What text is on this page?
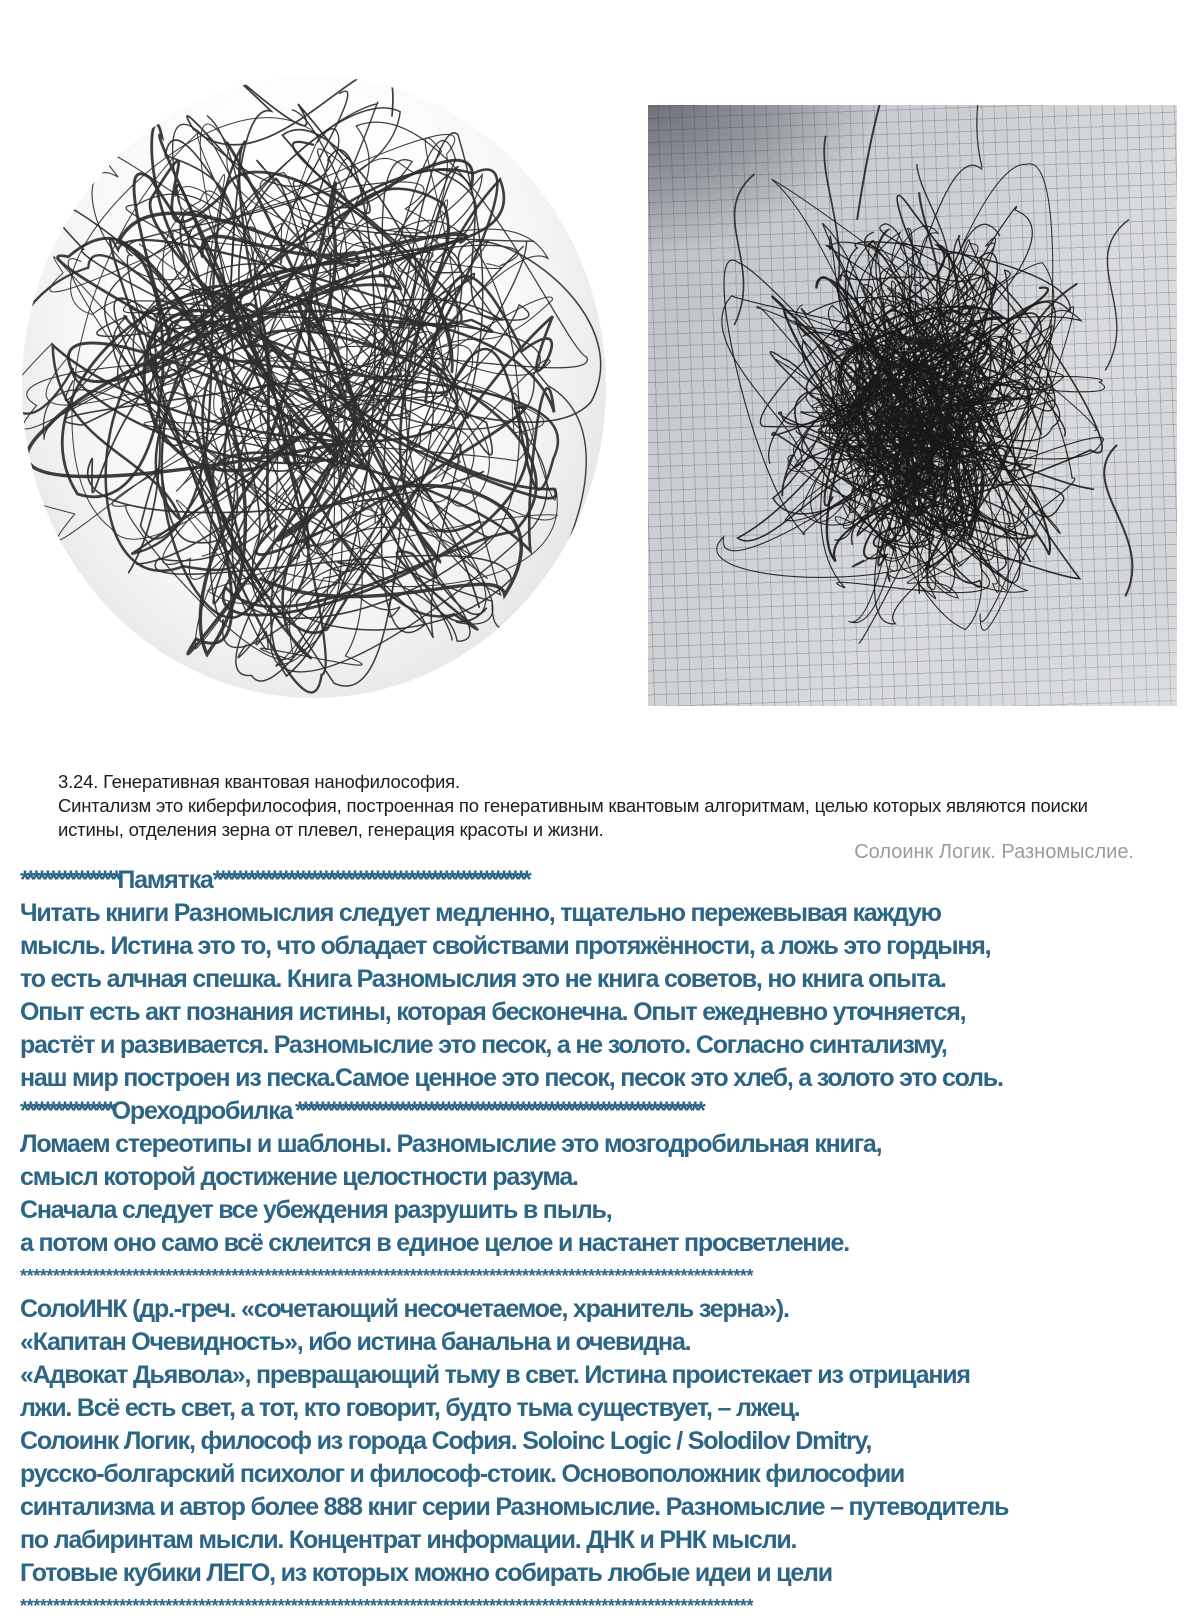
3.24. Генеративная квантовая нанофилософия.
Синтализм это киберфилософия, построенная по генеративным квантовым алгоритмам, целью которых являются поиски
истины, отделения зерна от плевел, генерация красоты и жизни.
Солоинк Логик. Разномыслие.
*****************Памятка*******************************************************
Читать книги Разномыслия следует медленно, тщательно пережевывая каждую
мысль. Истина это то, что обладает свойствами протяжённости, а ложь это гордыня,
то есть алчная спешка. Книга Разномыслия это не книга советов, но книга опыта.
Опыт есть акт познания истины, которая бесконечна. Опыт ежедневно уточняется,
растёт и развивается. Разномыслие это песок, а не золото. Согласно синтализму,
наш мир построен из песка.Самое ценное это песок, песок это хлеб, а золото это соль.
****************Ореходробилка ***********************************************************************
Ломаем стереотипы и шаблоны. Разномыслие это мозгодробильная книга,
смысл которой достижение целостности разума.
Сначала следует все убеждения разрушить в пыль,
а потом оно само всё склеится в единое целое и настанет просветление.
***************************************************************************************************************
СолоИНК (др.-греч. «сочетающий несочетаемое, хранитель зерна»).
«Капитан Очевидность», ибо истина банальна и очевидна.
«Адвокат Дьявола», превращающий тьму в свет. Истина проистекает из отрицания
лжи. Всё есть свет, а тот, кто говорит, будто тьма существует, – лжец.
Солоинк Логик, философ из города София. Soloinc Logic / Solodilov Dmitry,
русско-болгарский психолог и философ-стоик. Основоположник философии
синтализма и автор более 888 книг серии Разномыслие. Разномыслие – путеводитель
по лабиринтам мысли. Концентрат информации. ДНК и РНК мысли.
Готовые кубики ЛЕГО, из которых можно собирать любые идеи и цели
***************************************************************************************************************
